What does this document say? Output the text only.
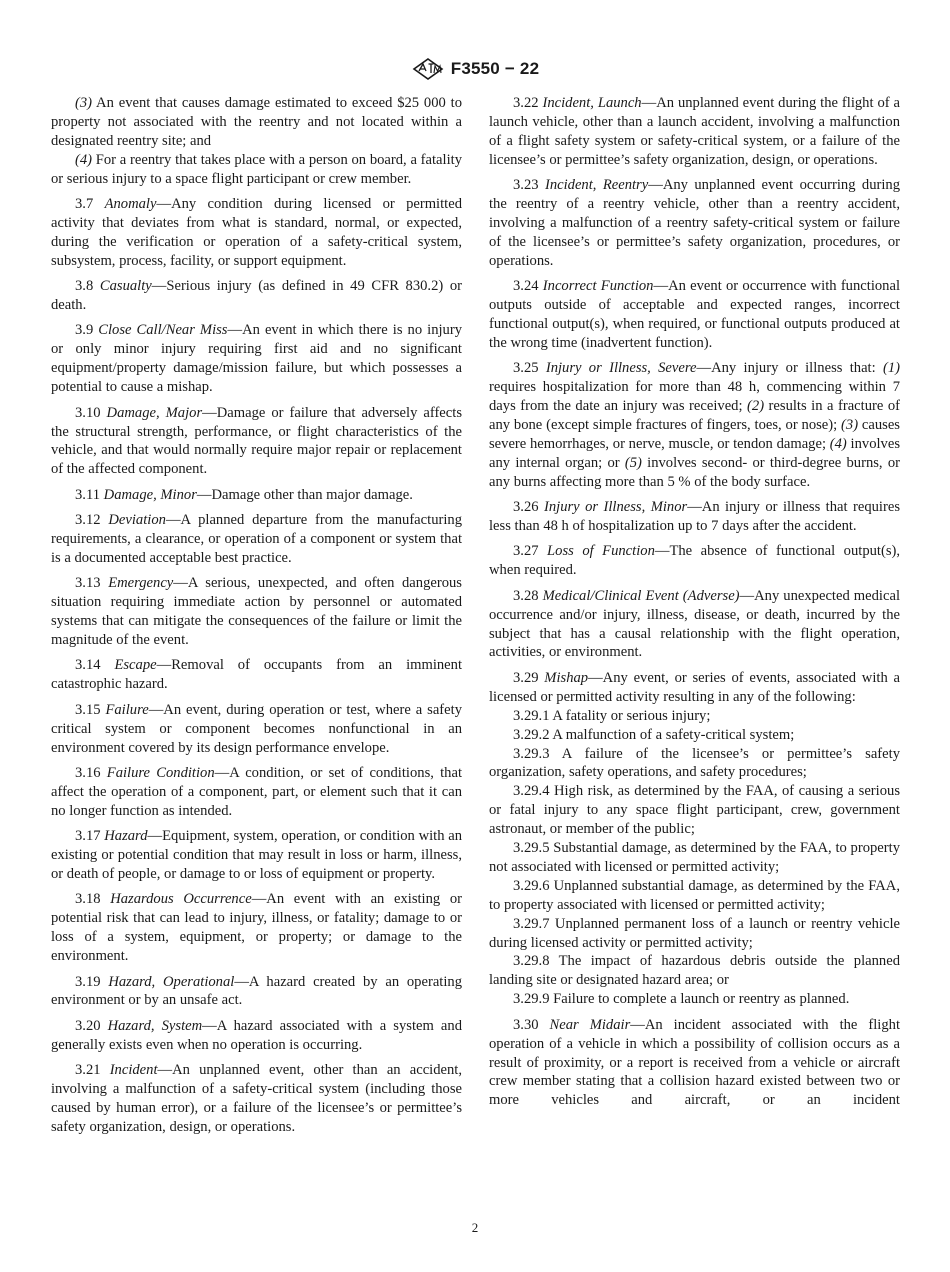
F3550 − 22

(3) An event that causes damage estimated to exceed $25 000 to property not associated with the reentry and not located within a designated reentry site; and

(4) For a reentry that takes place with a person on board, a fatality or serious injury to a space flight participant or crew member.

3.7 Anomaly—Any condition during licensed or permitted activity that deviates from what is standard, normal, or expected, during the verification or operation of a safety-critical system, subsystem, process, facility, or support equipment.

3.8 Casualty—Serious injury (as defined in 49 CFR 830.2) or death.

3.9 Close Call/Near Miss—An event in which there is no injury or only minor injury requiring first aid and no significant equipment/property damage/mission failure, but which possesses a potential to cause a mishap.

3.10 Damage, Major—Damage or failure that adversely affects the structural strength, performance, or flight characteristics of the vehicle, and that would normally require major repair or replacement of the affected component.

3.11 Damage, Minor—Damage other than major damage.

3.12 Deviation—A planned departure from the manufacturing requirements, a clearance, or operation of a component or system that is a documented acceptable best practice.

3.13 Emergency—A serious, unexpected, and often dangerous situation requiring immediate action by personnel or automated systems that can mitigate the consequences of the failure or limit the magnitude of the event.

3.14 Escape—Removal of occupants from an imminent catastrophic hazard.

3.15 Failure—An event, during operation or test, where a safety critical system or component becomes nonfunctional in an environment covered by its design performance envelope.

3.16 Failure Condition—A condition, or set of conditions, that affect the operation of a component, part, or element such that it can no longer function as intended.

3.17 Hazard—Equipment, system, operation, or condition with an existing or potential condition that may result in loss or harm, illness, or death of people, or damage to or loss of equipment or property.

3.18 Hazardous Occurrence—An event with an existing or potential risk that can lead to injury, illness, or fatality; damage to or loss of a system, equipment, or property; or damage to the environment.

3.19 Hazard, Operational—A hazard created by an operating environment or by an unsafe act.

3.20 Hazard, System—A hazard associated with a system and generally exists even when no operation is occurring.

3.21 Incident—An unplanned event, other than an accident, involving a malfunction of a safety-critical system (including those caused by human error), or a failure of the licensee’s or permittee’s safety organization, design, or operations.

3.22 Incident, Launch—An unplanned event during the flight of a launch vehicle, other than a launch accident, involving a malfunction of a flight safety system or safety-critical system, or a failure of the licensee’s or permittee’s safety organization, design, or operations.

3.23 Incident, Reentry—Any unplanned event occurring during the reentry of a reentry vehicle, other than a reentry accident, involving a malfunction of a reentry safety-critical system or failure of the licensee’s or permittee’s safety organization, procedures, or operations.

3.24 Incorrect Function—An event or occurrence with functional outputs outside of acceptable and expected ranges, incorrect functional output(s), when required, or functional outputs produced at the wrong time (inadvertent function).

3.25 Injury or Illness, Severe—Any injury or illness that: (1) requires hospitalization for more than 48 h, commencing within 7 days from the date an injury was received; (2) results in a fracture of any bone (except simple fractures of fingers, toes, or nose); (3) causes severe hemorrhages, or nerve, muscle, or tendon damage; (4) involves any internal organ; or (5) involves second- or third-degree burns, or any burns affecting more than 5 % of the body surface.

3.26 Injury or Illness, Minor—An injury or illness that requires less than 48 h of hospitalization up to 7 days after the accident.

3.27 Loss of Function—The absence of functional output(s), when required.

3.28 Medical/Clinical Event (Adverse)—Any unexpected medical occurrence and/or injury, illness, disease, or death, incurred by the subject that has a causal relationship with the flight operation, activities, or environment.

3.29 Mishap—Any event, or series of events, associated with a licensed or permitted activity resulting in any of the following:

3.29.1 A fatality or serious injury;

3.29.2 A malfunction of a safety-critical system;

3.29.3 A failure of the licensee’s or permittee’s safety organization, safety operations, and safety procedures;

3.29.4 High risk, as determined by the FAA, of causing a serious or fatal injury to any space flight participant, crew, government astronaut, or member of the public;

3.29.5 Substantial damage, as determined by the FAA, to property not associated with licensed or permitted activity;

3.29.6 Unplanned substantial damage, as determined by the FAA, to property associated with licensed or permitted activity;

3.29.7 Unplanned permanent loss of a launch or reentry vehicle during licensed activity or permitted activity;

3.29.8 The impact of hazardous debris outside the planned landing site or designated hazard area; or

3.29.9 Failure to complete a launch or reentry as planned.

3.30 Near Midair—An incident associated with the flight operation of a vehicle in which a possibility of collision occurs as a result of proximity, or a report is received from a vehicle or aircraft crew member stating that a collision hazard existed between two or more vehicles and aircraft, or an incident

2
